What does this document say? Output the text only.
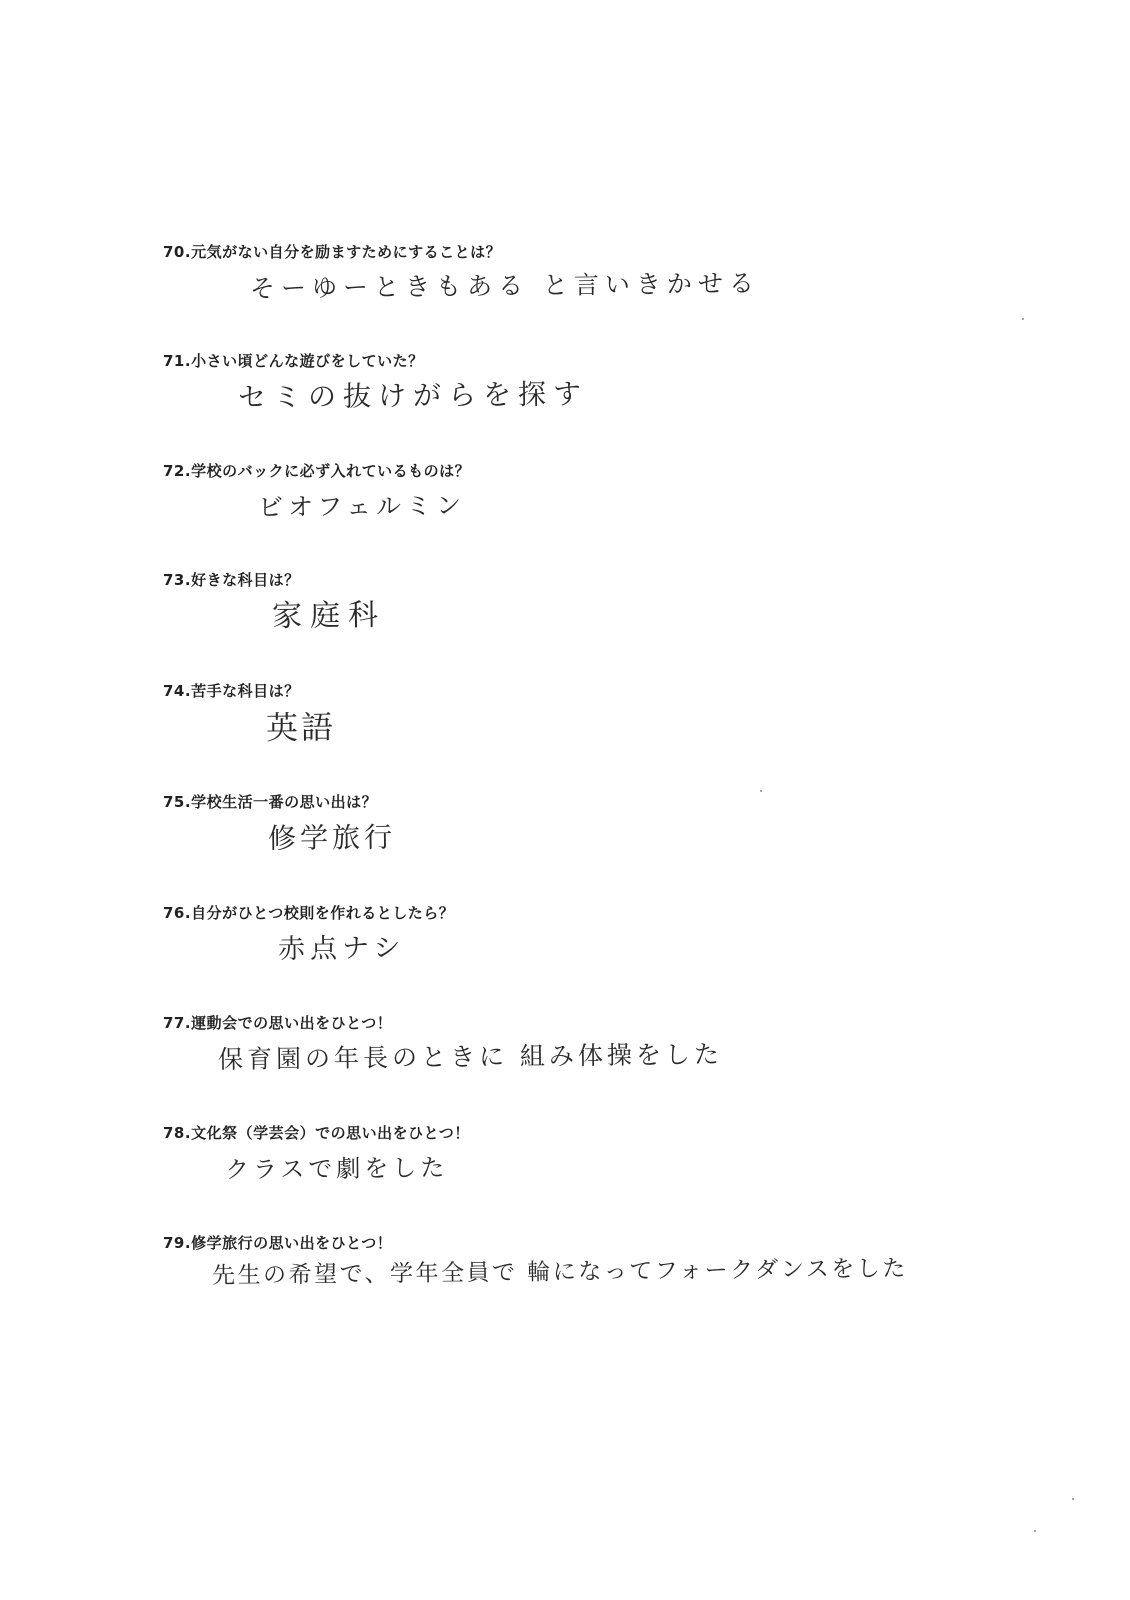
70.元気がない自分を励ますためにすることは？
そーゆーときもある と言いきかせる
71.小さい頃どんな遊びをしていた？
セミの抜けがらを探す
72.学校のバックに必ず入れているものは？
ビオフェルミン
73.好きな科目は？
家庭科
74.苦手な科目は？
英語
75.学校生活一番の思い出は？
修学旅行
76.自分がひとつ校則を作れるとしたら？
赤点ナシ
77.運動会での思い出をひとつ！
保育園の年長のときに 組み体操をした
78.文化祭（学芸会）での思い出をひとつ！
クラスで劇をした
79.修学旅行の思い出をひとつ！
先生の希望で、学年全員で 輪になってフォークダンスをした
